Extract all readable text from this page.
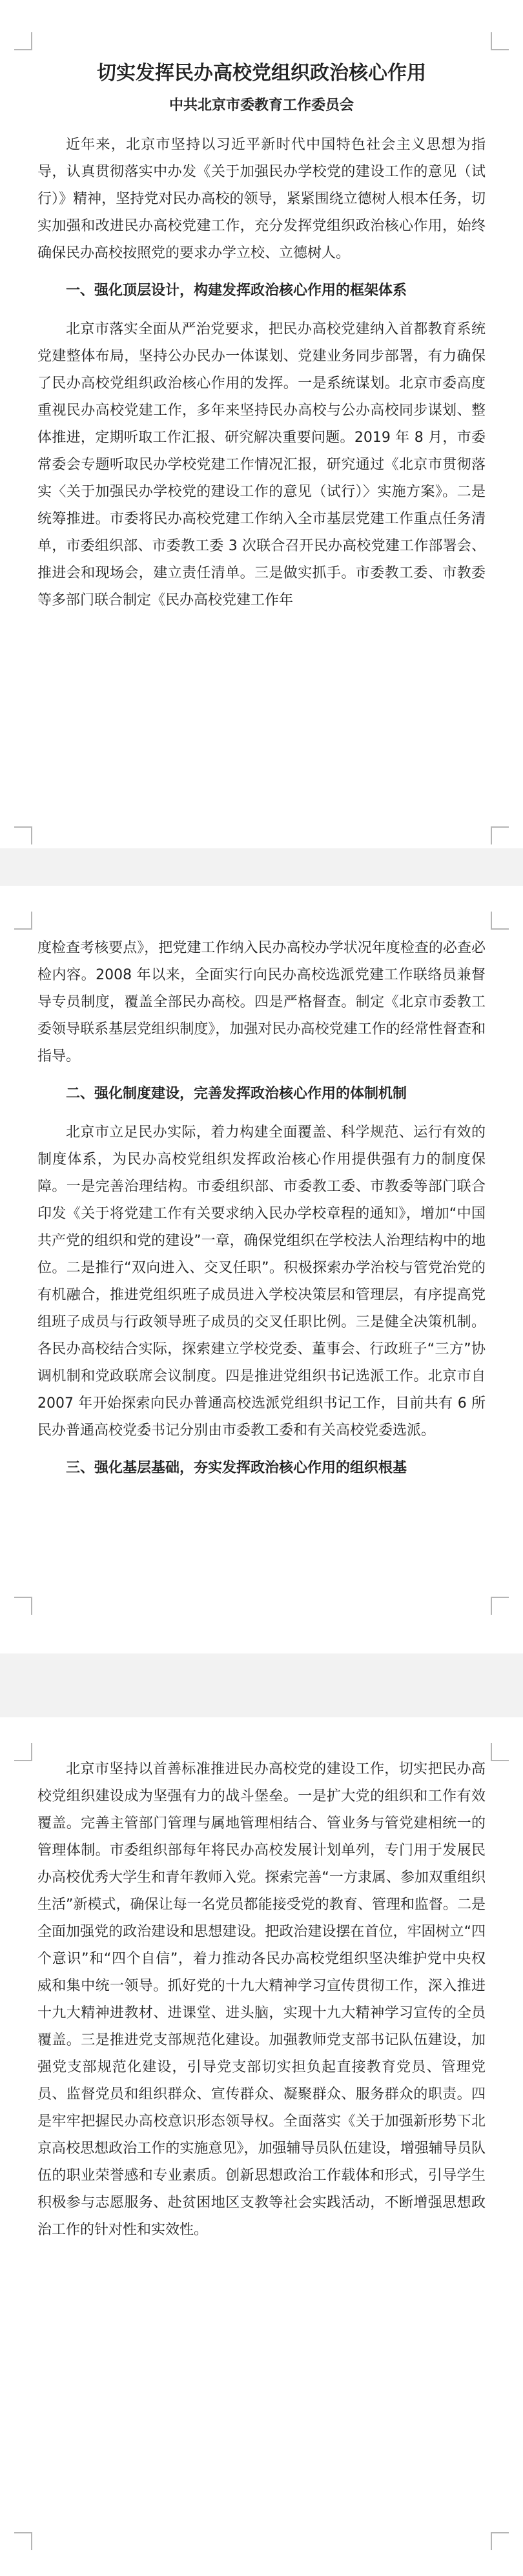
切实发挥民办高校党组织政治核心作用
中共北京市委教育工作委员会

近年来，北京市坚持以习近平新时代中国特色社会主义思想为指导，认真贯彻落实中办发《关于加强民办学校党的建设工作的意见（试行）》精神，坚持党对民办高校的领导，紧紧围绕立德树人根本任务，切实加强和改进民办高校党建工作，充分发挥党组织政治核心作用，始终确保民办高校按照党的要求办学立校、立德树人。

一、强化顶层设计，构建发挥政治核心作用的框架体系

北京市落实全面从严治党要求，把民办高校党建纳入首都教育系统党建整体布局，坚持公办民办一体谋划、党建业务同步部署，有力确保了民办高校党组织政治核心作用的发挥。一是系统谋划。北京市委高度重视民办高校党建工作，多年来坚持民办高校与公办高校同步谋划、整体推进，定期听取工作汇报、研究解决重要问题。2019 年 8 月，市委常委会专题听取民办学校党建工作情况汇报，研究通过《北京市贯彻落实〈关于加强民办学校党的建设工作的意见（试行）〉实施方案》。二是统筹推进。市委将民办高校党建工作纳入全市基层党建工作重点任务清单，市委组织部、市委教工委 3 次联合召开民办高校党建工作部署会、推进会和现场会，建立责任清单。三是做实抓手。市委教工委、市教委等多部门联合制定《民办高校党建工作年

度检查考核要点》，把党建工作纳入民办高校办学状况年度检查的必查必检内容。2008 年以来，全面实行向民办高校选派党建工作联络员兼督导专员制度，覆盖全部民办高校。四是严格督查。制定《北京市委教工委领导联系基层党组织制度》，加强对民办高校党建工作的经常性督查和指导。

二、强化制度建设，完善发挥政治核心作用的体制机制

北京市立足民办实际，着力构建全面覆盖、科学规范、运行有效的制度体系，为民办高校党组织发挥政治核心作用提供强有力的制度保障。一是完善治理结构。市委组织部、市委教工委、市教委等部门联合印发《关于将党建工作有关要求纳入民办学校章程的通知》，增加“中国共产党的组织和党的建设”一章，确保党组织在学校法人治理结构中的地位。二是推行“双向进入、交叉任职”。积极探索办学治校与管党治党的有机融合，推进党组织班子成员进入学校决策层和管理层，有序提高党组班子成员与行政领导班子成员的交叉任职比例。三是健全决策机制。各民办高校结合实际，探索建立学校党委、董事会、行政班子“三方”协调机制和党政联席会议制度。四是推进党组织书记选派工作。北京市自 2007 年开始探索向民办普通高校选派党组织书记工作，目前共有 6 所民办普通高校党委书记分别由市委教工委和有关高校党委选派。

三、强化基层基础，夯实发挥政治核心作用的组织根基

北京市坚持以首善标准推进民办高校党的建设工作，切实把民办高校党组织建设成为坚强有力的战斗堡垒。一是扩大党的组织和工作有效覆盖。完善主管部门管理与属地管理相结合、管业务与管党建相统一的管理体制。市委组织部每年将民办高校发展计划单列，专门用于发展民办高校优秀大学生和青年教师入党。探索完善“一方隶属、参加双重组织生活”新模式，确保让每一名党员都能接受党的教育、管理和监督。二是全面加强党的政治建设和思想建设。把政治建设摆在首位，牢固树立“四个意识”和“四个自信”，着力推动各民办高校党组织坚决维护党中央权威和集中统一领导。抓好党的十九大精神学习宣传贯彻工作，深入推进十九大精神进教材、进课堂、进头脑，实现十九大精神学习宣传的全员覆盖。三是推进党支部规范化建设。加强教师党支部书记队伍建设，加强党支部规范化建设，引导党支部切实担负起直接教育党员、管理党员、监督党员和组织群众、宣传群众、凝聚群众、服务群众的职责。四是牢牢把握民办高校意识形态领导权。全面落实《关于加强新形势下北京高校思想政治工作的实施意见》，加强辅导员队伍建设，增强辅导员队伍的职业荣誉感和专业素质。创新思想政治工作载体和形式，引导学生积极参与志愿服务、赴贫困地区支教等社会实践活动，不断增强思想政治工作的针对性和实效性。
